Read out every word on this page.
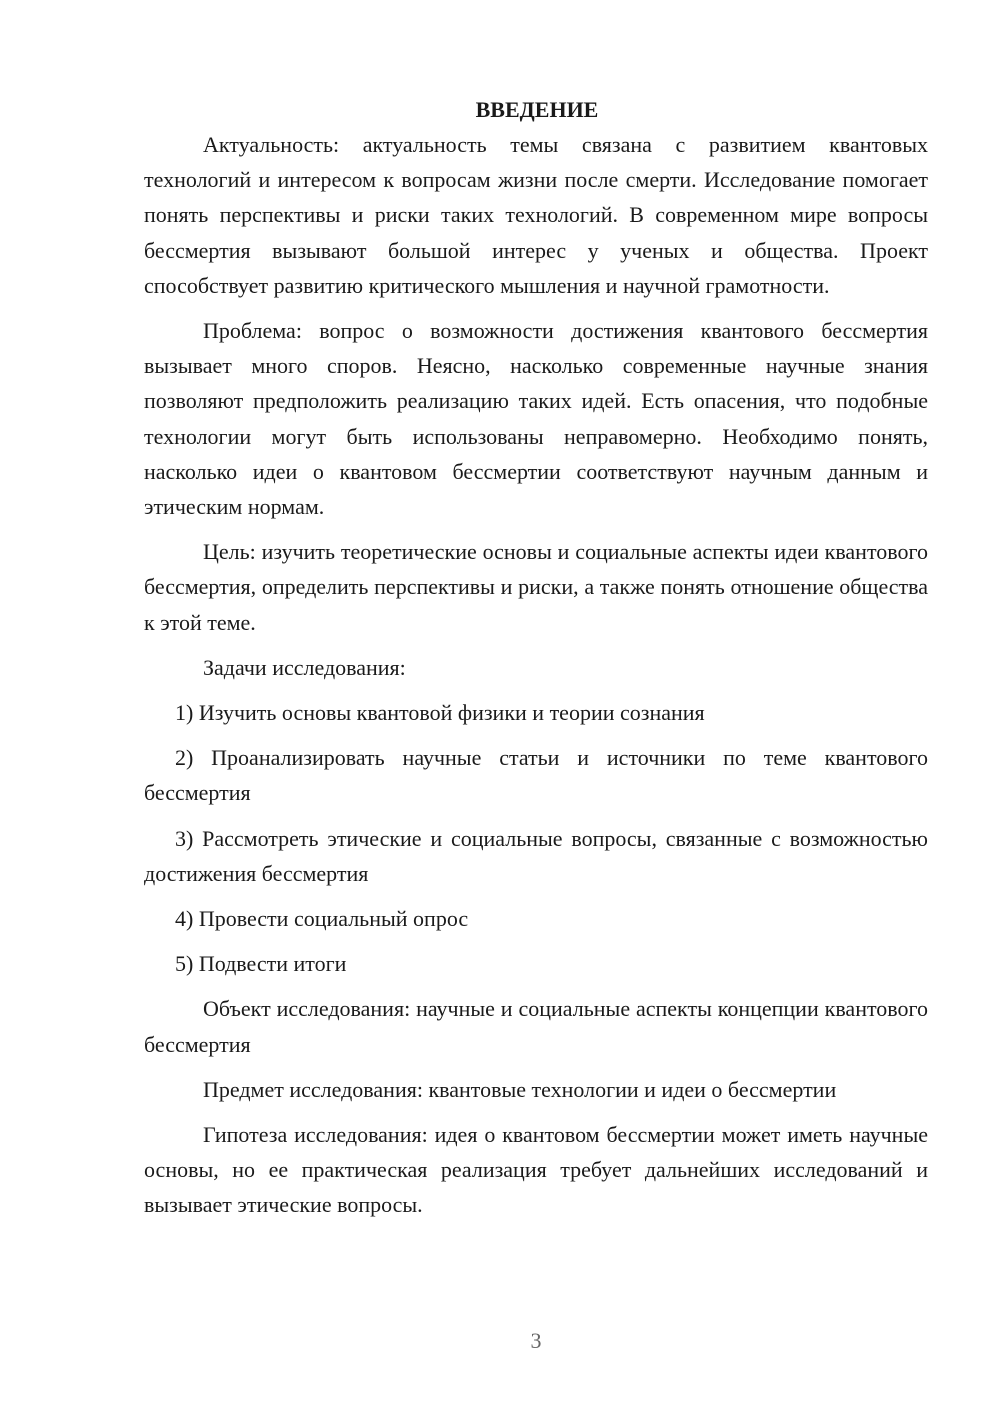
ВВЕДЕНИЕ

Актуальность: актуальность темы связана с развитием квантовых технологий и интересом к вопросам жизни после смерти. Исследование помогает понять перспективы и риски таких технологий. В современном мире вопросы бессмертия вызывают большой интерес у ученых и общества. Проект способствует развитию критического мышления и научной грамотности.

Проблема: вопрос о возможности достижения квантового бессмертия вызывает много споров. Неясно, насколько современные научные знания позволяют предположить реализацию таких идей. Есть опасения, что подобные технологии могут быть использованы неправомерно. Необходимо понять, насколько идеи о квантовом бессмертии соответствуют научным данным и этическим нормам.

Цель: изучить теоретические основы и социальные аспекты идеи квантового бессмертия, определить перспективы и риски, а также понять отношение общества к этой теме.

Задачи исследования:

1) Изучить основы квантовой физики и теории сознания

2) Проанализировать научные статьи и источники по теме квантового бессмертия

3) Рассмотреть этические и социальные вопросы, связанные с возможностью достижения бессмертия

4) Провести социальный опрос

5) Подвести итоги

Объект исследования: научные и социальные аспекты концепции квантового бессмертия

Предмет исследования: квантовые технологии и идеи о бессмертии

Гипотеза исследования: идея о квантовом бессмертии может иметь научные основы, но ее практическая реализация требует дальнейших исследований и вызывает этические вопросы.

3
